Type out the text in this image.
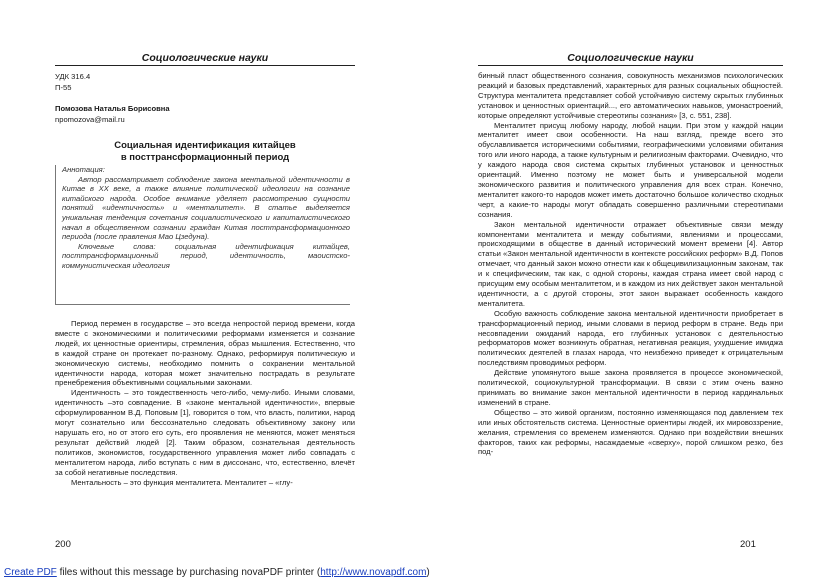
Социологические науки
УДК 316.4
П-55
Помозова Наталья Борисовна
npomozova@mail.ru
Социальная идентификация китайцев
в посттрансформационный период

Аннотация:

Автор рассматривает соблюдение закона ментальной идентичности в Китае в XX веке, а также влияние политической идеологии на сознание китайского народа. Особое внимание уделяет рассмотрению сущности понятий «идентичность» и «менталитет». В статье выделяется уникальная тенденция сочетания социалистического и капиталистического начал в общественном сознании граждан Китая посттрансформационного периода (после правления Мао Цзедуна).

Ключевые слова: социальная идентификация китайцев, посттрансформационный период, идентичность, маоистско-коммунистическая идеология

Период перемен в государстве – это всегда непростой период времени, когда вместе с экономическими и политическими реформами изменяется и сознание людей, их ценностные ориентиры, стремления, образ мышления. Естественно, что в каждой стране он протекает по-разному. Однако, реформируя политическую и экономическую системы, необходимо помнить о сохранении ментальной идентичности народа, которая может значительно пострадать в результате пренебрежения объективными социальными законами.

Идентичность – это тождественность чего-либо, чему-либо. Иными словами, идентичность –это совпадение. В «законе ментальной идентичности», впервые сформулированном В.Д. Поповым [1], говорится о том, что власть, политики, народ могут сознательно или бессознательно следовать объективному закону или нарушать его, но от этого его суть, его проявления не меняются, может меняться результат действий людей [2]. Таким образом, сознательная деятельность политиков, экономистов, государственного управления может либо совпадать с менталитетом народа, либо вступать с ним в диссонанс, что, естественно, влечёт за собой негативные последствия.

Ментальность – это функция менталитета. Менталитет – «глу-

200
Социологические науки

бинный пласт общественного сознания, совокупность механизмов психологических реакций и базовых представлений, характерных для разных социальных общностей. Структура менталитета представляет собой устойчивую систему скрытых глубинных установок и ценностных ориентаций..., его автоматических навыков, умонастроений, которые определяют устойчивые стереотипы сознания» [3, с. 551, 238].

Менталитет присущ любому народу, любой нации. При этом у каждой нации менталитет имеет свои особенности. На наш взгляд, прежде всего это обуславливается историческими событиями, географическими условиями обитания того или иного народа, а также культурным и религиозным факторами. Очевидно, что у каждого народа своя система скрытых глубинных установок и ценностных ориентаций. Именно поэтому не может быть и универсальной модели экономического развития и политического управления для всех стран. Конечно, менталитет какого-то народов может иметь достаточно большое количество сходных черт, а какие-то народы могут обладать совершенно различными стереотипами сознания.

Закон ментальной идентичности отражает объективные связи между компонентами менталитета и между событиями, явлениями и процессами, происходящими в обществе в данный исторический момент времени [4]. Автор статьи «Закон ментальной идентичности в контексте российских реформ» В.Д. Попов отмечает, что данный закон можно отнести как к общецивилизационным законам, так и к специфическим, так как, с одной стороны, каждая страна имеет свой народ с присущим ему особым менталитетом, и в каждом из них действует закон ментальной идентичности, а с другой стороны, этот закон выражает особенность каждого менталитета.

Особую важность соблюдение закона ментальной идентичности приобретает в трансформационный период, иными словами в период реформ в стране. Ведь при несовпадении ожиданий народа, его глубинных установок с деятельностью реформаторов может возникнуть обратная, негативная реакция, ухудшение имиджа политических деятелей в глазах народа, что неизбежно приведет к отрицательным последствиям проводимых реформ.

Действие упомянутого выше закона проявляется в процессе экономической, политической, социокультурной трансформации. В связи с этим очень важно принимать во внимание закон ментальной идентичности в период кардинальных изменений в стране.

Общество – это живой организм, постоянно изменяющаяся под давлением тех или иных обстоятельств система. Ценностные ориентиры людей, их мировоззрение, желания, стремления со временем изменяются. Однако при воздействии внешних факторов, таких как реформы, насаждаемые «сверху», порой слишком резко, без под-

201
Create PDF files without this message by purchasing novaPDF printer (http://www.novapdf.com)
